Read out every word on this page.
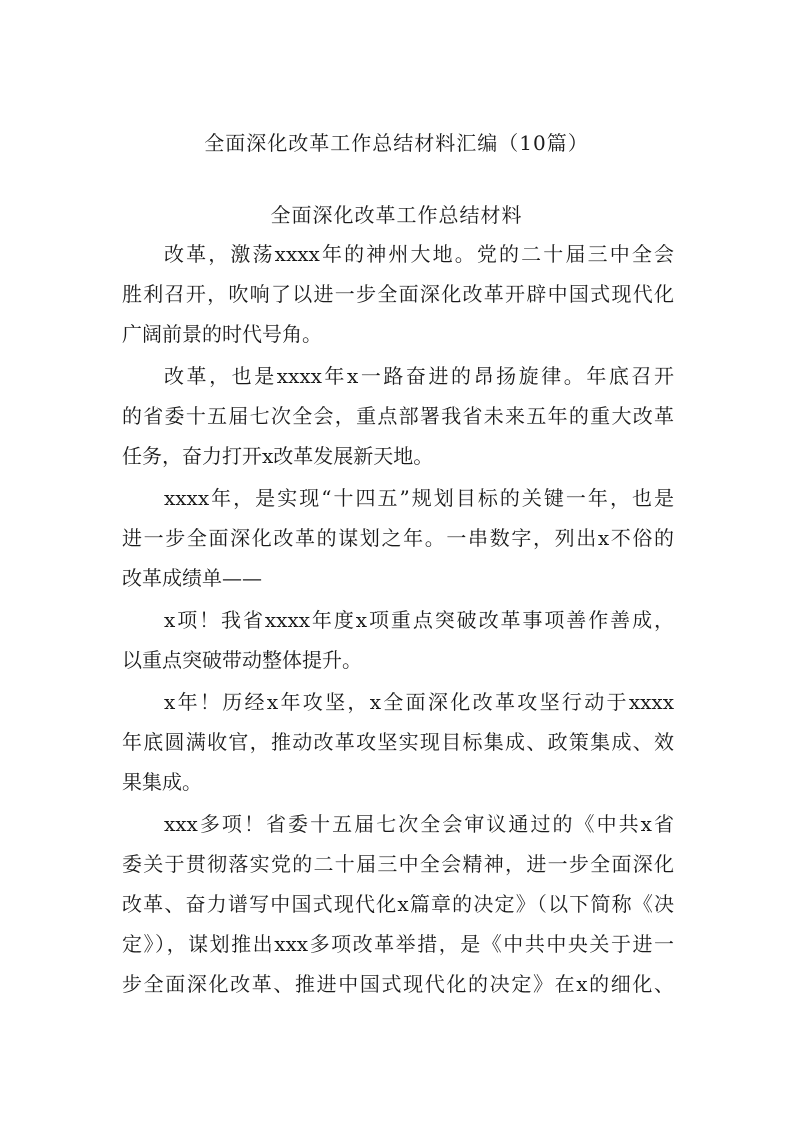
全面深化改革工作总结材料汇编（10篇）
全面深化改革工作总结材料
改革，激荡xxxx年的神州大地。党的二十届三中全会
胜利召开，吹响了以进一步全面深化改革开辟中国式现代化
广阔前景的时代号角。
改革，也是xxxx年x一路奋进的昂扬旋律。年底召开
的省委十五届七次全会，重点部署我省未来五年的重大改革
任务，奋力打开x改革发展新天地。
xxxx年，是实现“十四五”规划目标的关键一年，也是
进一步全面深化改革的谋划之年。一串数字，列出x不俗的
改革成绩单——
x项！我省xxxx年度x项重点突破改革事项善作善成，
以重点突破带动整体提升。
x年！历经x年攻坚，x全面深化改革攻坚行动于xxxx
年底圆满收官，推动改革攻坚实现目标集成、政策集成、效
果集成。
xxx多项！省委十五届七次全会审议通过的《中共x省
委关于贯彻落实党的二十届三中全会精神，进一步全面深化
改革、奋力谱写中国式现代化x篇章的决定》（以下简称《决
定》），谋划推出xxx多项改革举措，是《中共中央关于进一
步全面深化改革、推进中国式现代化的决定》在x的细化、
